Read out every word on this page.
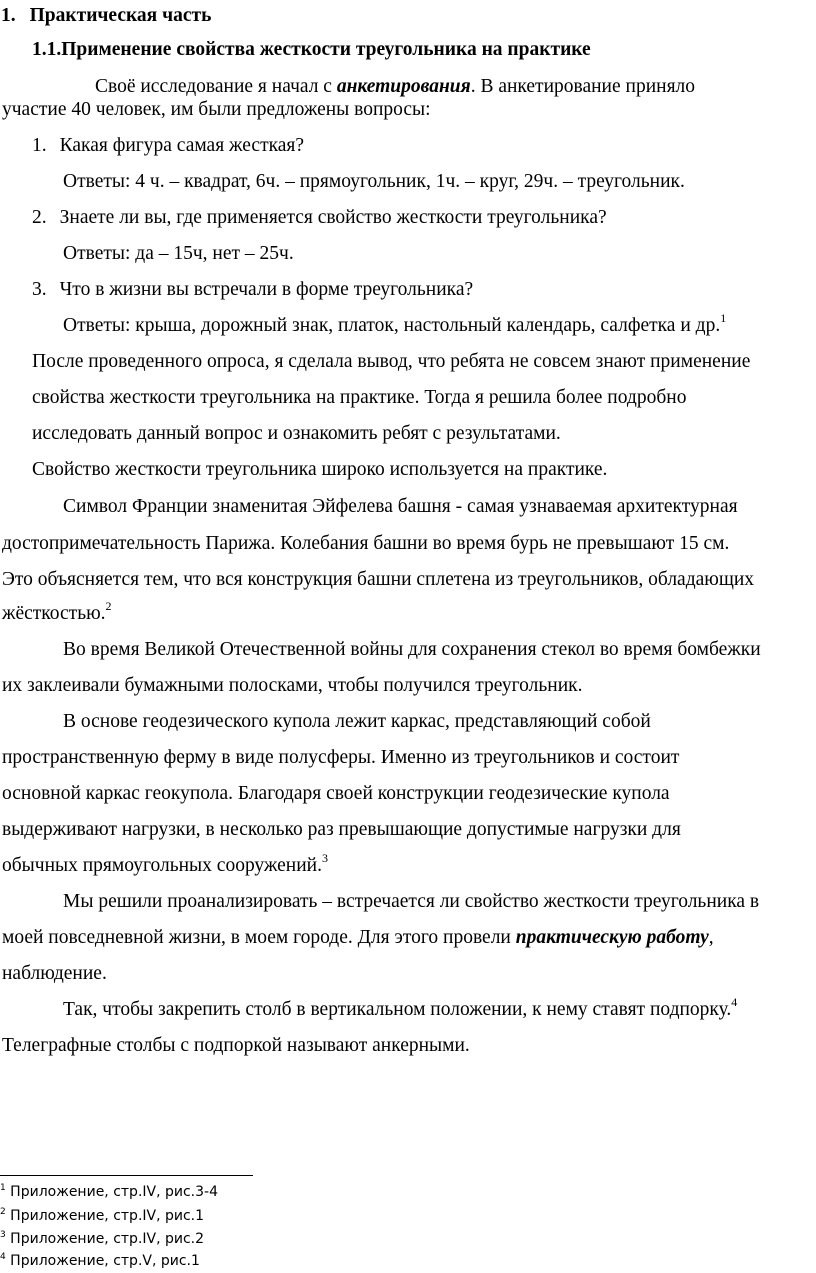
1. Практическая часть
1.1.Применение свойства жесткости треугольника на практике
Своё исследование я начал с анкетирования. В анкетирование приняло
участие 40 человек, им были предложены вопросы:
1. Какая фигура самая жесткая?
Ответы: 4 ч. – квадрат, 6ч. – прямоугольник, 1ч. – круг, 29ч. – треугольник.
2. Знаете ли вы, где применяется свойство жесткости треугольника?
Ответы: да – 15ч, нет – 25ч.
3. Что в жизни вы встречали в форме треугольника?
Ответы: крыша, дорожный знак, платок, настольный календарь, салфетка и др.$^1$
После проведенного опроса, я сделала вывод, что ребята не совсем знают применение
свойства жесткости треугольника на практике. Тогда я решила более подробно
исследовать данный вопрос и ознакомить ребят с результатами.
Свойство жесткости треугольника широко используется на практике.
Символ Франции знаменитая Эйфелева башня - самая узнаваемая архитектурная
достопримечательность Парижа. Колебания башни во время бурь не превышают 15 см.
Это объясняется тем, что вся конструкция башни сплетена из треугольников, обладающих
жёсткостью.$^2$
Во время Великой Отечественной войны для сохранения стекол во время бомбежки
их заклеивали бумажными полосками, чтобы получился треугольник.
В основе геодезического купола лежит каркас, представляющий собой
пространственную ферму в виде полусферы. Именно из треугольников и состоит
основной каркас геокупола. Благодаря своей конструкции геодезические купола
выдерживают нагрузки, в несколько раз превышающие допустимые нагрузки для
обычных прямоугольных сооружений.$^3$
Мы решили проанализировать – встречается ли свойство жесткости треугольника в
моей повседневной жизни, в моем городе. Для этого провели практическую работу,
наблюдение.
Так, чтобы закрепить столб в вертикальном положении, к нему ставят подпорку.$^4$
Телеграфные столбы с подпоркой называют анкерными.
$^1$ Приложение, стр.IV, рис.3-4
$^2$ Приложение, стр.IV, рис.1
$^3$ Приложение, стр.IV, рис.2
$^4$ Приложение, стр.V, рис.1
